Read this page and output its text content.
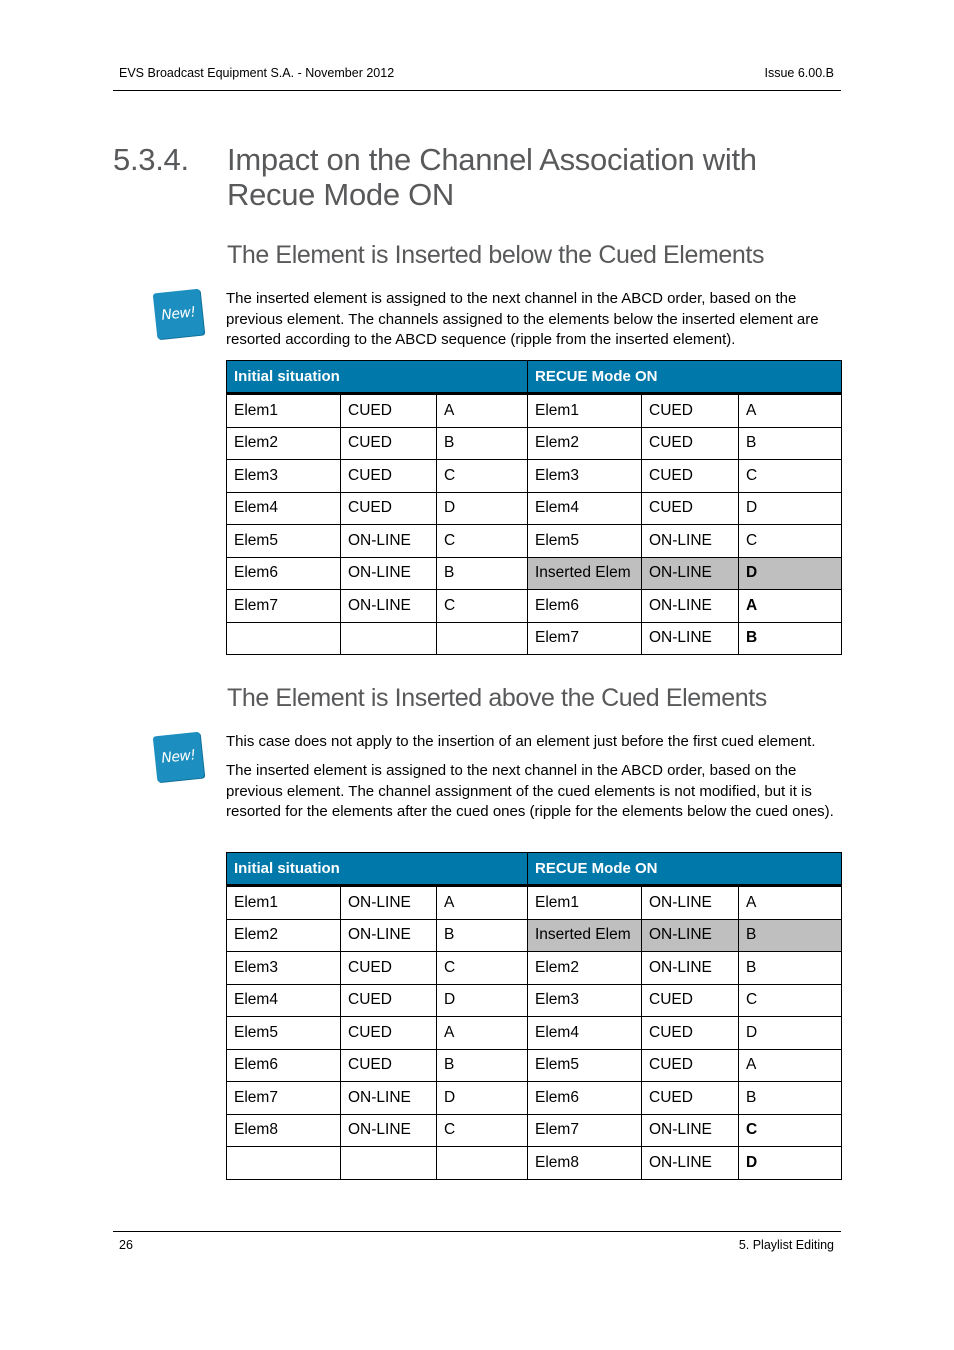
EVS Broadcast Equipment S.A. - November 2012	Issue 6.00.B
5.3.4. Impact on the Channel Association with Recue Mode ON
The Element is Inserted below the Cued Elements
New!
The inserted element is assigned to the next channel in the ABCD order, based on the previous element. The channels assigned to the elements below the inserted element are resorted according to the ABCD sequence (ripple from the inserted element).
Initial situation			RECUE Mode ON		
Elem1	CUED	A	Elem1	CUED	A
Elem2	CUED	B	Elem2	CUED	B
Elem3	CUED	C	Elem3	CUED	C
Elem4	CUED	D	Elem4	CUED	D
Elem5	ON-LINE	C	Elem5	ON-LINE	C
Elem6	ON-LINE	B	Inserted Elem	ON-LINE	D
Elem7	ON-LINE	C	Elem6	ON-LINE	A
			Elem7	ON-LINE	B
The Element is Inserted above the Cued Elements
New!
This case does not apply to the insertion of an element just before the first cued element.
The inserted element is assigned to the next channel in the ABCD order, based on the previous element. The channel assignment of the cued elements is not modified, but it is resorted for the elements after the cued ones (ripple for the elements below the cued ones).
Initial situation			RECUE Mode ON		
Elem1	ON-LINE	A	Elem1	ON-LINE	A
Elem2	ON-LINE	B	Inserted Elem	ON-LINE	B
Elem3	CUED	C	Elem2	ON-LINE	B
Elem4	CUED	D	Elem3	CUED	C
Elem5	CUED	A	Elem4	CUED	D
Elem6	CUED	B	Elem5	CUED	A
Elem7	ON-LINE	D	Elem6	CUED	B
Elem8	ON-LINE	C	Elem7	ON-LINE	C
			Elem8	ON-LINE	D
26	5. Playlist Editing
